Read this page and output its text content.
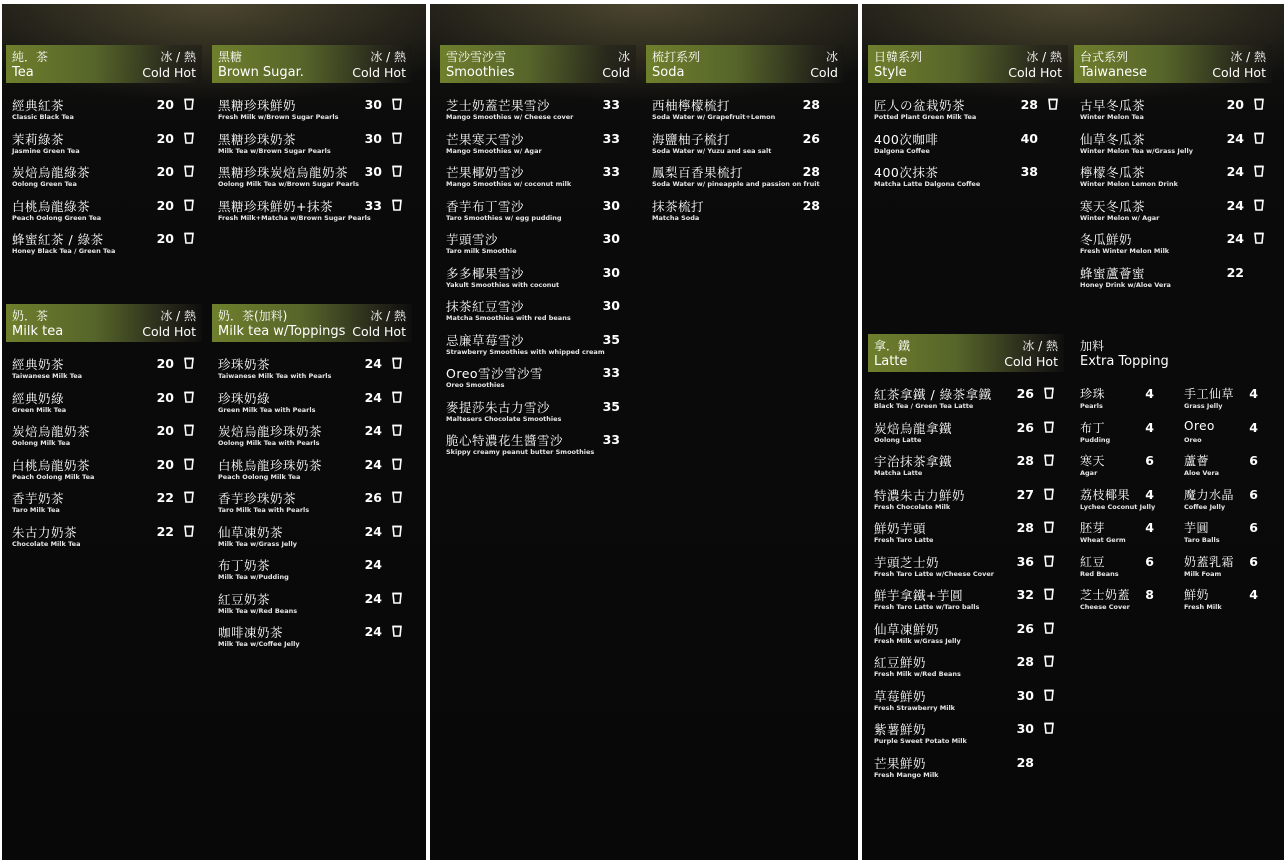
純．茶
Tea
冰 / 熱
Cold Hot
經典紅茶
Classic Black Tea
20
茉莉綠茶
Jasmine Green Tea
20
炭焙烏龍綠茶
Oolong Green Tea
20
白桃烏龍綠茶
Peach Oolong Green Tea
20
蜂蜜紅茶 / 綠茶
Honey Black Tea / Green Tea
20
黑糖
Brown Sugar.
冰 / 熱
Cold Hot
黑糖珍珠鮮奶
Fresh Milk w/Brown Sugar Pearls
30
黑糖珍珠奶茶
Milk Tea w/Brown Sugar Pearls
30
黑糖珍珠炭焙烏龍奶茶
Oolong Milk Tea w/Brown Sugar Pearls
30
黑糖珍珠鮮奶+抹茶
Fresh Milk+Matcha w/Brown Sugar Pearls
33
奶．茶
Milk tea
冰 / 熱
Cold Hot
經典奶茶
Taiwanese Milk Tea
20
經典奶綠
Green Milk Tea
20
炭焙烏龍奶茶
Oolong Milk Tea
20
白桃烏龍奶茶
Peach Oolong Milk Tea
20
香芋奶茶
Taro Milk Tea
22
朱古力奶茶
Chocolate Milk Tea
22
奶．茶(加料)
Milk tea w/Toppings
冰 / 熱
Cold Hot
珍珠奶茶
Taiwanese Milk Tea with Pearls
24
珍珠奶綠
Green Milk Tea with Pearls
24
炭焙烏龍珍珠奶茶
Oolong Milk Tea with Pearls
24
白桃烏龍珍珠奶茶
Peach Oolong Milk Tea
24
香芋珍珠奶茶
Taro Milk Tea with Pearls
26
仙草凍奶茶
Milk Tea w/Grass Jelly
24
布丁奶茶
Milk Tea w/Pudding
24
紅豆奶茶
Milk Tea w/Red Beans
24
咖啡凍奶茶
Milk Tea w/Coffee Jelly
24
雪沙雪沙雪
Smoothies
冰
Cold
芝士奶蓋芒果雪沙
Mango Smoothies w/ Cheese cover
33
芒果寒天雪沙
Mango Smoothies w/ Agar
33
芒果椰奶雪沙
Mango Smoothies w/ coconut milk
33
香芋布丁雪沙
Taro Smoothies w/ egg pudding
30
芋頭雪沙
Taro milk Smoothie
30
多多椰果雪沙
Yakult Smoothies with coconut
30
抹茶紅豆雪沙
Matcha Smoothies with red beans
30
忌廉草莓雪沙
Strawberry Smoothies with whipped cream
35
Oreo雪沙雪沙雪
Oreo Smoothies
33
麥提莎朱古力雪沙
Maltesers Chocolate Smoothies
35
脆心特濃花生醬雪沙
Skippy creamy peanut butter Smoothies
33
梳打系列
Soda
冰
Cold
西柚檸檬梳打
Soda Water w/ Grapefruit+Lemon
28
海鹽柚子梳打
Soda Water w/ Yuzu and sea salt
26
鳳梨百香果梳打
Soda Water w/ pineapple and passion on fruit
28
抹茶梳打
Matcha Soda
28
日韓系列
Style
冰 / 熱
Cold Hot
匠人の盆栽奶茶
Potted Plant Green Milk Tea
28
400次咖啡
Dalgona Coffee
40
400次抹茶
Matcha Latte Dalgona Coffee
38
台式系列
Taiwanese
冰 / 熱
Cold Hot
古早冬瓜茶
Winter Melon Tea
20
仙草冬瓜茶
Winter Melon Tea w/Grass Jelly
24
檸檬冬瓜茶
Winter Melon Lemon Drink
24
寒天冬瓜茶
Winter Melon w/ Agar
24
冬瓜鮮奶
Fresh Winter Melon Milk
24
蜂蜜蘆薈蜜
Honey Drink w/Aloe Vera
22
拿．鐵
Latte
冰 / 熱
Cold Hot
紅茶拿鐵 / 綠茶拿鐵
Black Tea / Green Tea Latte
26
炭焙烏龍拿鐵
Oolong Latte
26
宇治抹茶拿鐵
Matcha Latte
28
特濃朱古力鮮奶
Fresh Chocolate Milk
27
鮮奶芋頭
Fresh Taro Latte
28
芋頭芝士奶
Fresh Taro Latte w/Cheese Cover
36
鮮芋拿鐵+芋圓
Fresh Taro Latte w/Taro balls
32
仙草凍鮮奶
Fresh Milk w/Grass Jelly
26
紅豆鮮奶
Fresh Milk w/Red Beans
28
草莓鮮奶
Fresh Strawberry Milk
30
紫薯鮮奶
Purple Sweet Potato Milk
30
芒果鮮奶
Fresh Mango Milk
28
加料
Extra Topping
珍珠
Pearls
4
布丁
Pudding
4
寒天
Agar
6
荔枝椰果
Lychee Coconut Jelly
4
胚芽
Wheat Germ
4
紅豆
Red Beans
6
芝士奶蓋
Cheese Cover
8
手工仙草
Grass Jelly
4
Oreo
Oreo
4
蘆薈
Aloe Vera
6
魔力水晶
Coffee Jelly
6
芋圓
Taro Balls
6
奶蓋乳霜
Milk Foam
6
鮮奶
Fresh Milk
4
